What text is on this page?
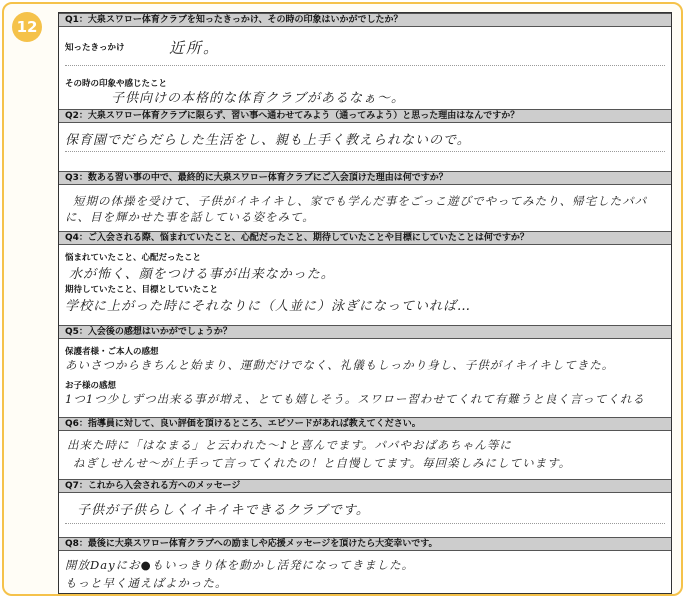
12	Q1：大泉スワロー体育クラブを知ったきっかけ、その時の印象はいかがでしたか？
知ったきっかけ	近所。
その時の印象や感じたこと
子供向けの本格的な体育クラブがあるなぁ〜。
Q2：大泉スワロー体育クラブに限らず、習い事へ通わせてみよう（通ってみよう）と思った理由はなんですか？
保育園でだらだらした生活をし、親も上手く教えられないので。
Q3：数ある習い事の中で、最終的に大泉スワロー体育クラブにご入会頂けた理由は何ですか？
短期の体操を受けて、子供がイキイキし、家でも学んだ事をごっこ遊びでやってみたり、帰宅したパパ
に、目を輝かせた事を話している姿をみて。
Q4：ご入会される際、悩まれていたこと、心配だったこと、期待していたことや目標にしていたことは何ですか？
悩まれていたこと、心配だったこと
水が怖く、顔をつける事が出来なかった。
期待していたこと、目標としていたこと
学校に上がった時にそれなりに（人並に）泳ぎになっていれば…
Q5：入会後の感想はいかがでしょうか？
保護者様・ご本人の感想
あいさつからきちんと始まり、運動だけでなく、礼儀もしっかり身し、子供がイキイキしてきた。
お子様の感想
1つ1つ少しずつ出来る事が増え、とても嬉しそう。スワロー習わせてくれて有難うと良く言ってくれる
Q6：指導員に対して、良い評価を頂けるところ、エピソードがあれば教えてください。
出来た時に「はなまる」と云われた〜♪と喜んでます。パパやおばあちゃん等に
ねぎしせんせ〜が上手って言ってくれたの！と自慢してます。毎回楽しみにしています。
Q7：これから入会される方へのメッセージ
子供が子供らしくイキイキできるクラブです。
Q8：最後に大泉スワロー体育クラブへの励ましや応援メッセージを頂けたら大変幸いです。
開放Dayにお●もいっきり体を動かし活発になってきました。
もっと早く通えばよかった。
